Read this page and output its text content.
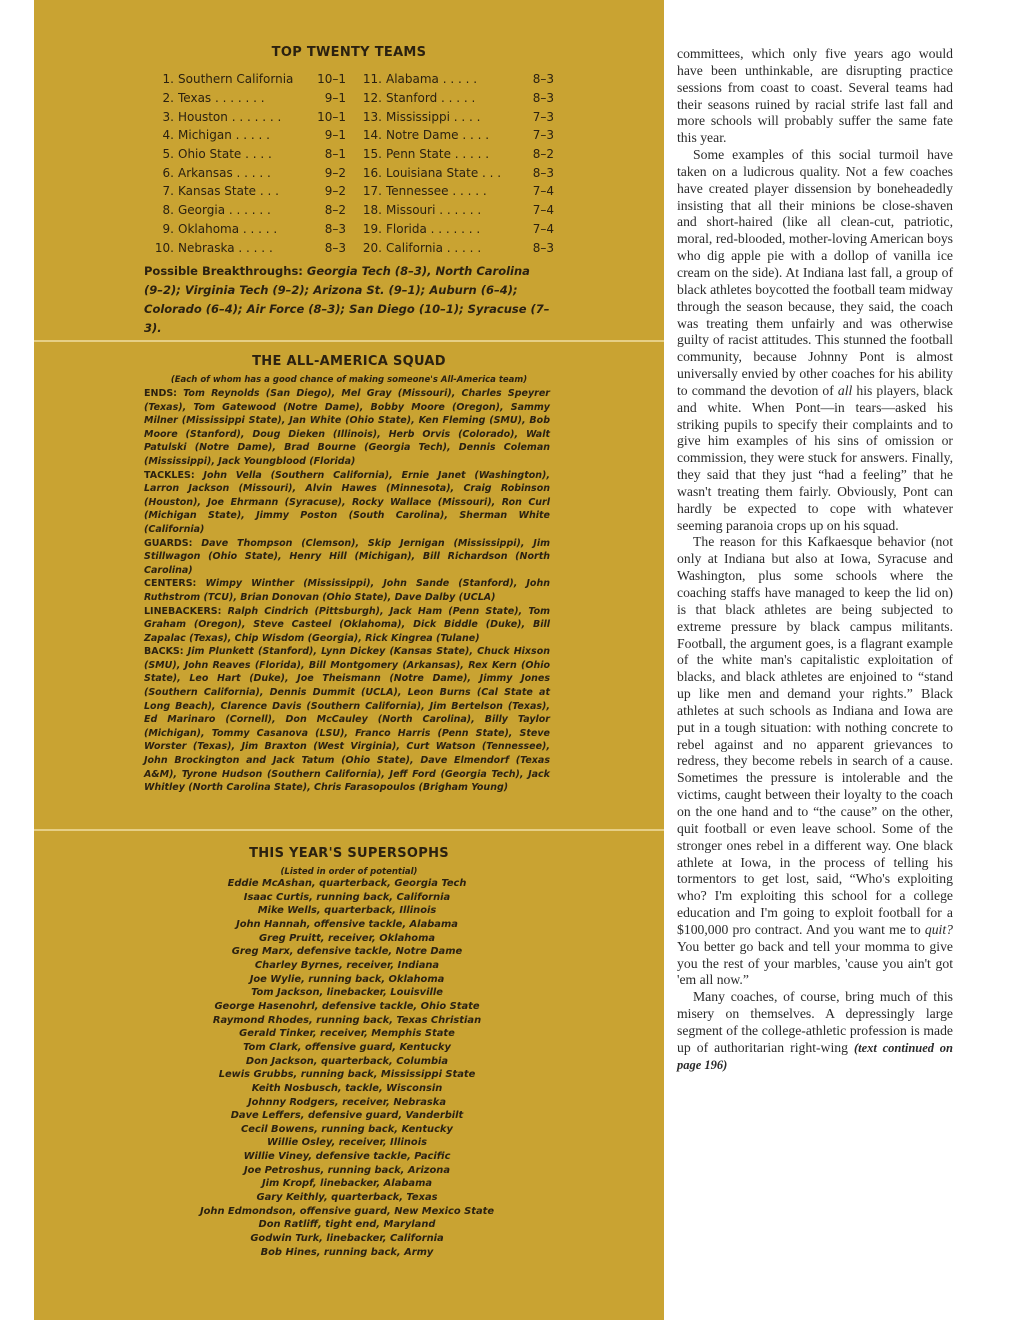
TOP TWENTY TEAMS
1. Southern California	10–1	11. Alabama . . . . .	8–3
2. Texas . . . . . . .	9–1	12. Stanford . . . . .	8–3
3. Houston . . . . . . .	10–1	13. Mississippi . . . .	7–3
4. Michigan . . . . .	9–1	14. Notre Dame . . . .	7–3
5. Ohio State . . . .	8–1	15. Penn State . . . . .	8–2
6. Arkansas . . . . .	9–2	16. Louisiana State . . .	8–3
7. Kansas State . . .	9–2	17. Tennessee . . . . .	7–4
8. Georgia . . . . . .	8–2	18. Missouri . . . . . .	7–4
9. Oklahoma . . . . .	8–3	19. Florida . . . . . . .	7–4
10. Nebraska . . . . .	8–3	20. California . . . . .	8–3
Possible Breakthroughs: Georgia Tech (8–3), North Carolina (9–2); Virginia Tech (9–2); Arizona St. (9–1); Auburn (6–4); Colorado (6–4); Air Force (8–3); San Diego (10–1); Syracuse (7–3).
THE ALL-AMERICA SQUAD
(Each of whom has a good chance of making someone's All-America team)

ENDS: Tom Reynolds (San Diego), Mel Gray (Missouri), Charles Speyrer (Texas), Tom Gatewood (Notre Dame), Bobby Moore (Oregon), Sammy Milner (Mississippi State), Jan White (Ohio State), Ken Fleming (SMU), Bob Moore (Stanford), Doug Dieken (Illinois), Herb Orvis (Colorado), Walt Patulski (Notre Dame), Brad Bourne (Georgia Tech), Dennis Coleman (Mississippi), Jack Youngblood (Florida)

TACKLES: John Vella (Southern California), Ernie Janet (Washington), Larron Jackson (Missouri), Alvin Hawes (Minnesota), Craig Robinson (Houston), Joe Ehrmann (Syracuse), Rocky Wallace (Missouri), Ron Curl (Michigan State), Jimmy Poston (South Carolina), Sherman White (California)

GUARDS: Dave Thompson (Clemson), Skip Jernigan (Mississippi), Jim Stillwagon (Ohio State), Henry Hill (Michigan), Bill Richardson (North Carolina)

CENTERS: Wimpy Winther (Mississippi), John Sande (Stanford), John Ruthstrom (TCU), Brian Donovan (Ohio State), Dave Dalby (UCLA)

LINEBACKERS: Ralph Cindrich (Pittsburgh), Jack Ham (Penn State), Tom Graham (Oregon), Steve Casteel (Oklahoma), Dick Biddle (Duke), Bill Zapalac (Texas), Chip Wisdom (Georgia), Rick Kingrea (Tulane)

BACKS: Jim Plunkett (Stanford), Lynn Dickey (Kansas State), Chuck Hixson (SMU), John Reaves (Florida), Bill Montgomery (Arkansas), Rex Kern (Ohio State), Leo Hart (Duke), Joe Theismann (Notre Dame), Jimmy Jones (Southern California), Dennis Dummit (UCLA), Leon Burns (Cal State at Long Beach), Clarence Davis (Southern California), Jim Bertelson (Texas), Ed Marinaro (Cornell), Don McCauley (North Carolina), Billy Taylor (Michigan), Tommy Casanova (LSU), Franco Harris (Penn State), Steve Worster (Texas), Jim Braxton (West Virginia), Curt Watson (Tennessee), John Brockington and Jack Tatum (Ohio State), Dave Elmendorf (Texas A&M), Tyrone Hudson (Southern California), Jeff Ford (Georgia Tech), Jack Whitley (North Carolina State), Chris Farasopoulos (Brigham Young)

THIS YEAR'S SUPERSOPHS
(Listed in order of potential)
Eddie McAshan, quarterback, Georgia Tech
Isaac Curtis, running back, California
Mike Wells, quarterback, Illinois
John Hannah, offensive tackle, Alabama
Greg Pruitt, receiver, Oklahoma
Greg Marx, defensive tackle, Notre Dame
Charley Byrnes, receiver, Indiana
Joe Wylie, running back, Oklahoma
Tom Jackson, linebacker, Louisville
George Hasenohrl, defensive tackle, Ohio State
Raymond Rhodes, running back, Texas Christian
Gerald Tinker, receiver, Memphis State
Tom Clark, offensive guard, Kentucky
Don Jackson, quarterback, Columbia
Lewis Grubbs, running back, Mississippi State
Keith Nosbusch, tackle, Wisconsin
Johnny Rodgers, receiver, Nebraska
Dave Leffers, defensive guard, Vanderbilt
Cecil Bowens, running back, Kentucky
Willie Osley, receiver, Illinois
Willie Viney, defensive tackle, Pacific
Joe Petroshus, running back, Arizona
Jim Kropf, linebacker, Alabama
Gary Keithly, quarterback, Texas
John Edmondson, offensive guard, New Mexico State
Don Ratliff, tight end, Maryland
Godwin Turk, linebacker, California
Bob Hines, running back, Army

committees, which only five years ago would have been unthinkable, are disrupting practice sessions from coast to coast. Several teams had their seasons ruined by racial strife last fall and more schools will probably suffer the same fate this year.

Some examples of this social turmoil have taken on a ludicrous quality. Not a few coaches have created player dissension by boneheadedly insisting that all their minions be close-shaven and short-haired (like all clean-cut, patriotic, moral, red-blooded, mother-loving American boys who dig apple pie with a dollop of vanilla ice cream on the side). At Indiana last fall, a group of black athletes boycotted the football team midway through the season because, they said, the coach was treating them unfairly and was otherwise guilty of racist attitudes. This stunned the football community, because Johnny Pont is almost universally envied by other coaches for his ability to command the devotion of all his players, black and white. When Pont—in tears—asked his striking pupils to specify their complaints and to give him examples of his sins of omission or commission, they were stuck for answers. Finally, they said that they just “had a feeling” that he wasn't treating them fairly. Obviously, Pont can hardly be expected to cope with whatever seeming paranoia crops up on his squad.

The reason for this Kafkaesque behavior (not only at Indiana but also at Iowa, Syracuse and Washington, plus some schools where the coaching staffs have managed to keep the lid on) is that black athletes are being subjected to extreme pressure by black campus militants. Football, the argument goes, is a flagrant example of the white man's capitalistic exploitation of blacks, and black athletes are enjoined to “stand up like men and demand your rights.” Black athletes at such schools as Indiana and Iowa are put in a tough situation: with nothing concrete to rebel against and no apparent grievances to redress, they become rebels in search of a cause. Sometimes the pressure is intolerable and the victims, caught between their loyalty to the coach on the one hand and to “the cause” on the other, quit football or even leave school. Some of the stronger ones rebel in a different way. One black athlete at Iowa, in the process of telling his tormentors to get lost, said, “Who's exploiting who? I'm exploiting this school for a college education and I'm going to exploit football for a $100,000 pro contract. And you want me to quit? You better go back and tell your momma to give you the rest of your marbles, 'cause you ain't got 'em all now.”

Many coaches, of course, bring much of this misery on themselves. A depressingly large segment of the college-athletic profession is made up of authoritarian right-wing (text continued on page 196)
